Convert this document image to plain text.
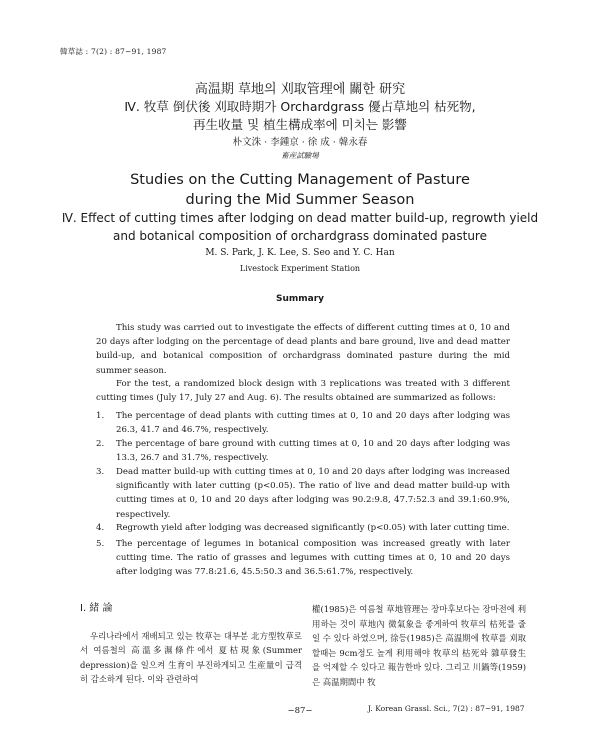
韓草誌 : 7(2) : 87~91, 1987
高温期 草地의 刈取管理에 關한 研究
Ⅳ. 牧草 倒伏後 刈取時期가 Orchardgrass 優占草地의 枯死物,
再生收量 및 植生構成率에 미치는 影響
朴文洙 · 李鍾京 · 徐 成 · 韓永春
畜産試驗場
Studies on the Cutting Management of Pasture
during the Mid Summer Season
Ⅳ. Effect of cutting times after lodging on dead matter build-up, regrowth yield
and botanical composition of orchardgrass dominated pasture
M. S. Park, J. K. Lee, S. Seo and Y. C. Han
Livestock Experiment Station
Summary

This study was carried out to investigate the effects of different cutting times at 0, 10 and 20 days after lodging on the percentage of dead plants and bare ground, live and dead matter build-up, and botanical composition of orchardgrass dominated pasture during the mid summer season.

For the test, a randomized block design with 3 replications was treated with 3 different cutting times (July 17, July 27 and Aug. 6). The results obtained are summarized as follows:

1.	The percentage of dead plants with cutting times at 0, 10 and 20 days after lodging was 26.3, 41.7 and 46.7%, respectively.
2.	The percentage of bare ground with cutting times at 0, 10 and 20 days after lodging was 13.3, 26.7 and 31.7%, respectively.
3.	Dead matter build-up with cutting times at 0, 10 and 20 days after lodging was increased significantly with later cutting (p<0.05). The ratio of live and dead matter build-up with cutting times at 0, 10 and 20 days after lodging was 90.2:9.8, 47.7:52.3 and 39.1:60.9%, respectively.
4.	Regrowth yield after lodging was decreased significantly (p<0.05) with later cutting time.
5.	The percentage of legumes in botanical composition was increased greatly with later cutting time. The ratio of grasses and legumes with cutting times at 0, 10 and 20 days after lodging was 77.8:21.6, 45.5:50.3 and 36.5:61.7%, respectively.
Ⅰ. 緒 論

우리나라에서 재배되고 있는 牧草는 대부분 北方型牧草로서 여름철의 高溫多濕條件에서 夏枯現象(Summer depression)을 일으켜 生育이 부진하게되고 生産量이 급격히 감소하게 된다. 이와 관련하여

權(1985)은 여름철 草地管理는 장마후보다는 장마전에 利用하는 것이 草地內 微氣象을 좋게하여 牧草의 枯死를 줄일 수 있다 하였으며, 徐등(1985)은 高温期에 牧草를 刈取할때는 9cm정도 높게 利用해야 牧草의 枯死와 雜草發生을 억제할 수 있다고 報告한바 있다. 그리고 川鍋等(1959)은 高温期間中 牧

−87−	J. Korean Grassl. Sci., 7(2) : 87~91, 1987
